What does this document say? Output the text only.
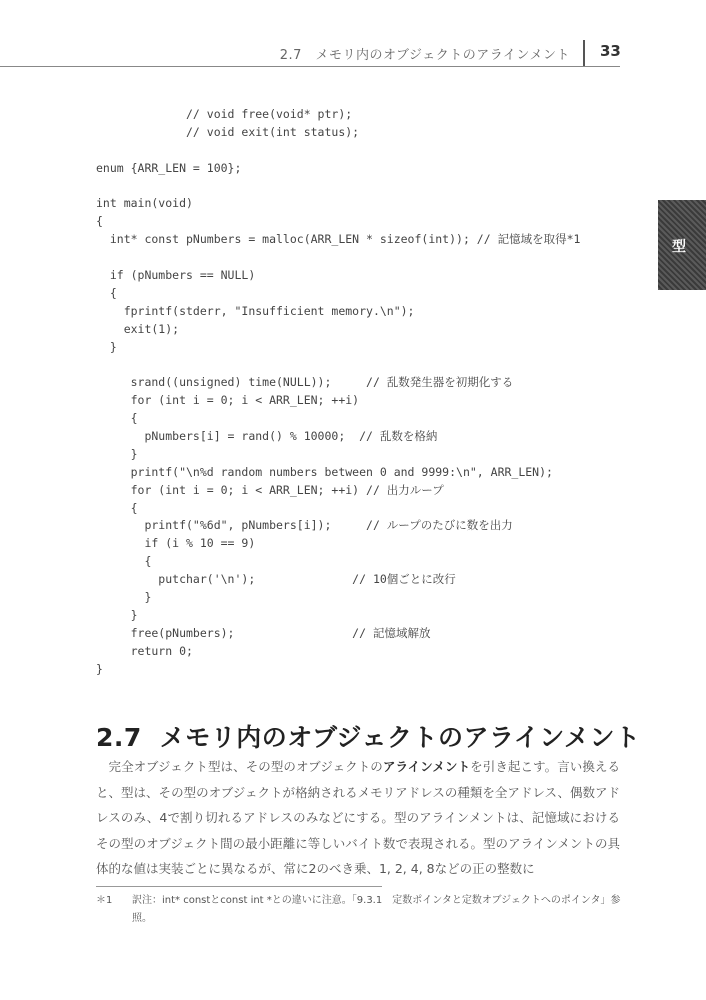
2.7　メモリ内のオブジェクトのアラインメント 33
型
// void free(void* ptr);
// void exit(int status);
enum {ARR_LEN = 100};
int main(void)
{
int* const pNumbers = malloc(ARR_LEN * sizeof(int)); // 記憶域を取得*1
if (pNumbers == NULL)
{
fprintf(stderr, "Insufficient memory.\n");
exit(1);
}
srand((unsigned) time(NULL));     // 乱数発生器を初期化する
for (int i = 0; i < ARR_LEN; ++i)
{
pNumbers[i] = rand() % 10000;  // 乱数を格納
}
printf("\n%d random numbers between 0 and 9999:\n", ARR_LEN);
for (int i = 0; i < ARR_LEN; ++i) // 出力ループ
{
printf("%6d", pNumbers[i]);     // ループのたびに数を出力
if (i % 10 == 9)
{
putchar('\n');              // 10個ごとに改行
}
}
free(pNumbers);                 // 記憶域解放
return 0;
}
2.7 メモリ内のオブジェクトのアラインメント

完全オブジェクト型は、その型のオブジェクトのアラインメントを引き起こす。言い換えると、型は、その型のオブジェクトが格納されるメモリアドレスの種類を全アドレス、偶数アドレスのみ、4で割り切れるアドレスのみなどにする。型のアラインメントは、記憶域におけるその型のオブジェクト間の最小距離に等しいバイト数で表現される。型のアラインメントの具体的な値は実装ごとに異なるが、常に2のべき乗、1, 2, 4, 8などの正の整数に

＊1	訳注：int* constとconst int *との違いに注意。「9.3.1　定数ポインタと定数オブジェクトへのポインタ」参照。
